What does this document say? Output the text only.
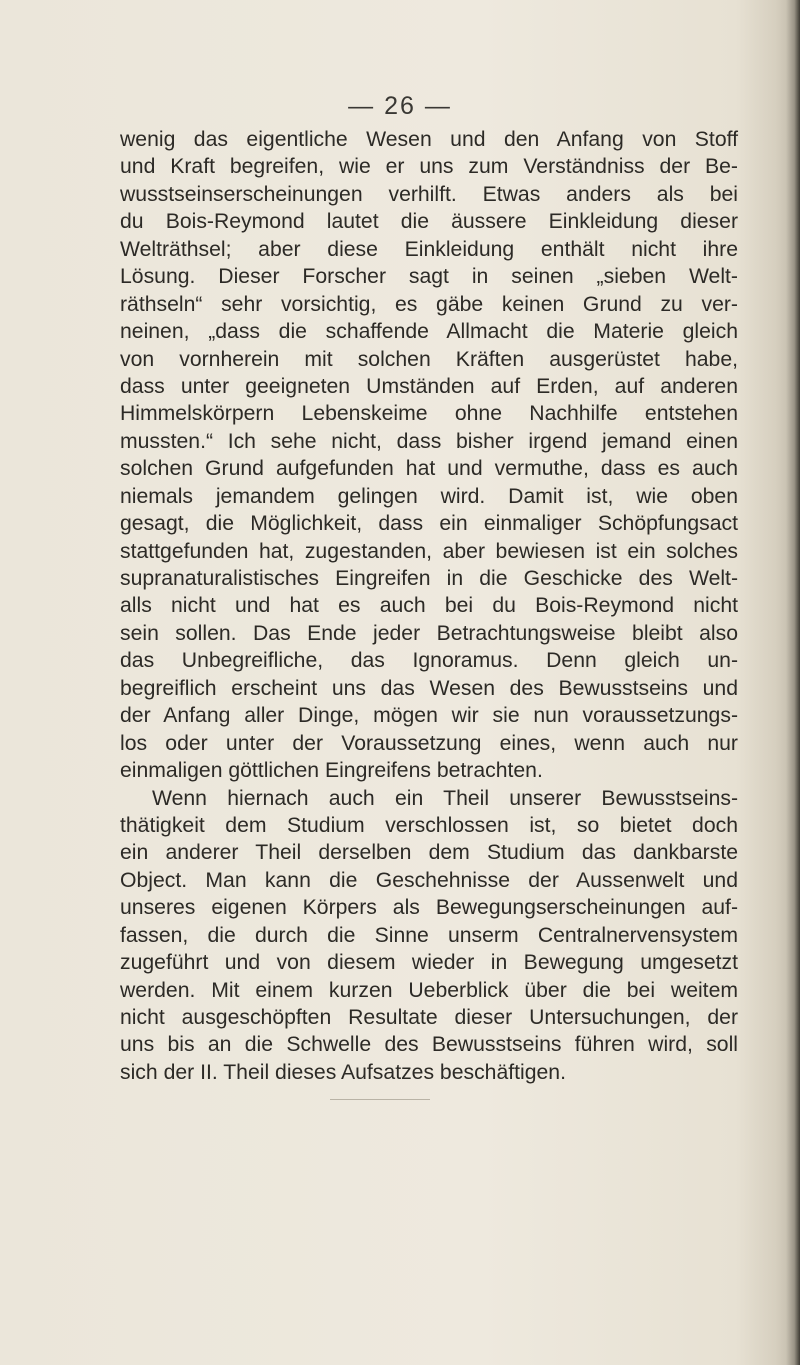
— 26 —
wenig das eigentliche Wesen und den Anfang von Stoff
und Kraft begreifen, wie er uns zum Verständniss der Be-
wusstseinserscheinungen verhilft. Etwas anders als bei
du Bois-Reymond lautet die äussere Einkleidung dieser
Welträthsel; aber diese Einkleidung enthält nicht ihre
Lösung. Dieser Forscher sagt in seinen „sieben Welt-
räthseln“ sehr vorsichtig, es gäbe keinen Grund zu ver-
neinen, „dass die schaffende Allmacht die Materie gleich
von vornherein mit solchen Kräften ausgerüstet habe,
dass unter geeigneten Umständen auf Erden, auf anderen
Himmelskörpern Lebenskeime ohne Nachhilfe entstehen
mussten.“ Ich sehe nicht, dass bisher irgend jemand einen
solchen Grund aufgefunden hat und vermuthe, dass es auch
niemals jemandem gelingen wird. Damit ist, wie oben
gesagt, die Möglichkeit, dass ein einmaliger Schöpfungsact
stattgefunden hat, zugestanden, aber bewiesen ist ein solches
supranaturalistisches Eingreifen in die Geschicke des Welt-
alls nicht und hat es auch bei du Bois-Reymond nicht
sein sollen. Das Ende jeder Betrachtungsweise bleibt also
das Unbegreifliche, das Ignoramus. Denn gleich un-
begreiflich erscheint uns das Wesen des Bewusstseins und
der Anfang aller Dinge, mögen wir sie nun voraussetzungs-
los oder unter der Voraussetzung eines, wenn auch nur
einmaligen göttlichen Eingreifens betrachten.
Wenn hiernach auch ein Theil unserer Bewusstseins-
thätigkeit dem Studium verschlossen ist, so bietet doch
ein anderer Theil derselben dem Studium das dankbarste
Object. Man kann die Geschehnisse der Aussenwelt und
unseres eigenen Körpers als Bewegungserscheinungen auf-
fassen, die durch die Sinne unserm Centralnervensystem
zugeführt und von diesem wieder in Bewegung umgesetzt
werden. Mit einem kurzen Ueberblick über die bei weitem
nicht ausgeschöpften Resultate dieser Untersuchungen, der
uns bis an die Schwelle des Bewusstseins führen wird, soll
sich der II. Theil dieses Aufsatzes beschäftigen.
